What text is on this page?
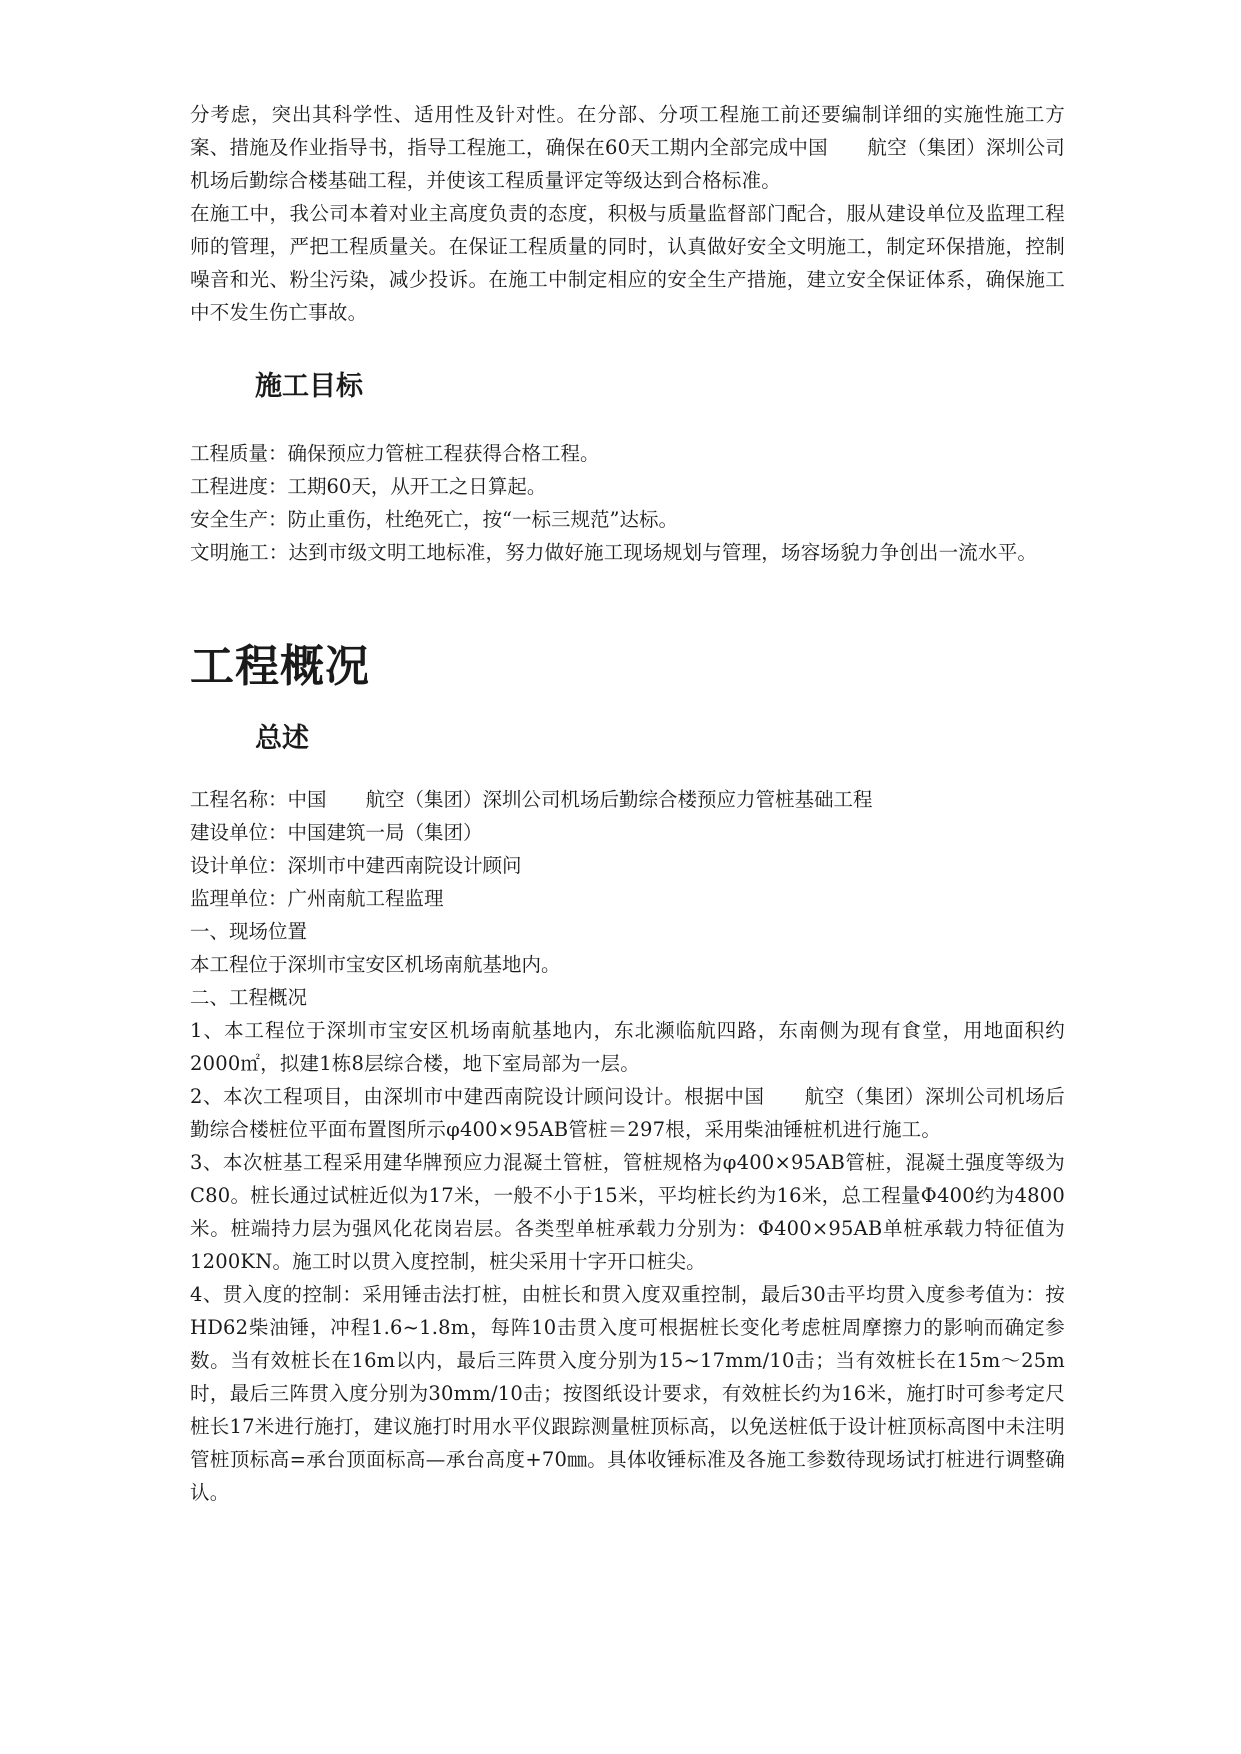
分考虑，突出其科学性、适用性及针对性。在分部、分项工程施工前还要编制详细的实施性施工方案、措施及作业指导书，指导工程施工，确保在60天工期内全部完成中国　　航空（集团）深圳公司机场后勤综合楼基础工程，并使该工程质量评定等级达到合格标准。

在施工中，我公司本着对业主高度负责的态度，积极与质量监督部门配合，服从建设单位及监理工程师的管理，严把工程质量关。在保证工程质量的同时，认真做好安全文明施工，制定环保措施，控制噪音和光、粉尘污染，减少投诉。在施工中制定相应的安全生产措施，建立安全保证体系，确保施工中不发生伤亡事故。

施工目标

工程质量：确保预应力管桩工程获得合格工程。

工程进度：工期60天，从开工之日算起。

安全生产：防止重伤，杜绝死亡，按“一标三规范”达标。

文明施工：达到市级文明工地标准，努力做好施工现场规划与管理，场容场貌力争创出一流水平。

工程概况
总述

工程名称：中国　　航空（集团）深圳公司机场后勤综合楼预应力管桩基础工程

建设单位：中国建筑一局（集团）

设计单位：深圳市中建西南院设计顾问

监理单位：广州南航工程监理

一、现场位置

本工程位于深圳市宝安区机场南航基地内。

二、工程概况

1、本工程位于深圳市宝安区机场南航基地内，东北濒临航四路，东南侧为现有食堂，用地面积约2000㎡，拟建1栋8层综合楼，地下室局部为一层。

2、本次工程项目，由深圳市中建西南院设计顾问设计。根据中国　　航空（集团）深圳公司机场后勤综合楼桩位平面布置图所示φ400×95AB管桩＝297根，采用柴油锤桩机进行施工。

3、本次桩基工程采用建华牌预应力混凝土管桩，管桩规格为φ400×95AB管桩，混凝土强度等级为C80。桩长通过试桩近似为17米，一般不小于15米，平均桩长约为16米，总工程量Φ400约为4800米。桩端持力层为强风化花岗岩层。各类型单桩承载力分别为：Φ400×95AB单桩承载力特征值为1200KN。施工时以贯入度控制，桩尖采用十字开口桩尖。

4、贯入度的控制：采用锤击法打桩，由桩长和贯入度双重控制，最后30击平均贯入度参考值为：按HD62柴油锤，冲程1.6~1.8m，每阵10击贯入度可根据桩长变化考虑桩周摩擦力的影响而确定参数。当有效桩长在16m以内，最后三阵贯入度分别为15~17mm/10击；当有效桩长在15m～25m时，最后三阵贯入度分别为30mm/10击；按图纸设计要求，有效桩长约为16米，施打时可参考定尺桩长17米进行施打，建议施打时用水平仪跟踪测量桩顶标高，以免送桩低于设计桩顶标高图中未注明管桩顶标高=承台顶面标高—承台高度+70㎜。具体收锤标准及各施工参数待现场试打桩进行调整确认。
